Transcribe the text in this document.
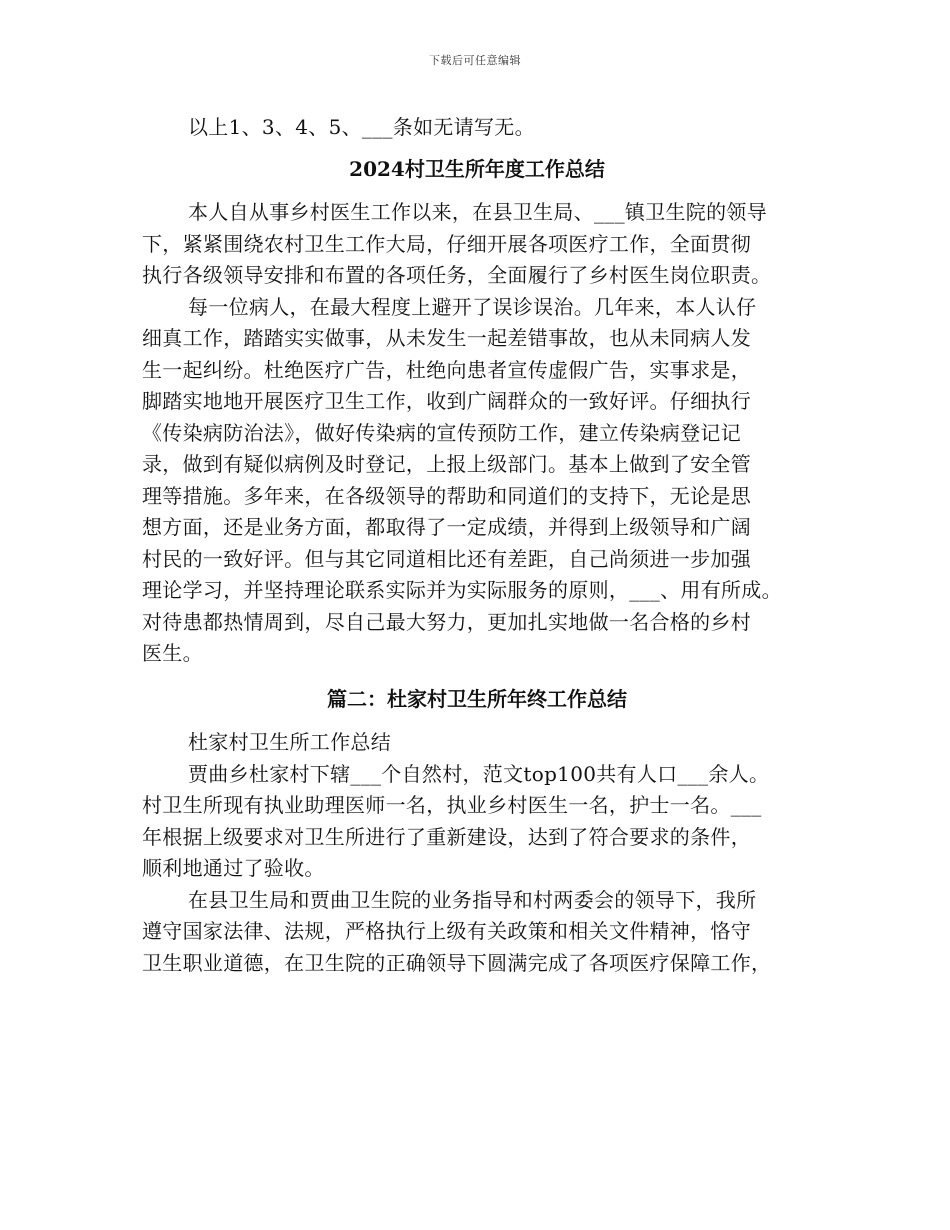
下载后可任意编辑
以上1、3、4、5、___条如无请写无。
2024村卫生所年度工作总结
本人自从事乡村医生工作以来，在县卫生局、___镇卫生院的领导
下，紧紧围绕农村卫生工作大局，仔细开展各项医疗工作，全面贯彻
执行各级领导安排和布置的各项任务，全面履行了乡村医生岗位职责。
每一位病人，在最大程度上避开了误诊误治。几年来，本人认仔
细真工作，踏踏实实做事，从未发生一起差错事故，也从未同病人发
生一起纠纷。杜绝医疗广告，杜绝向患者宣传虚假广告，实事求是，
脚踏实地地开展医疗卫生工作，收到广阔群众的一致好评。仔细执行
《传染病防治法》，做好传染病的宣传预防工作，建立传染病登记记
录，做到有疑似病例及时登记，上报上级部门。基本上做到了安全管
理等措施。多年来，在各级领导的帮助和同道们的支持下，无论是思
想方面，还是业务方面，都取得了一定成绩，并得到上级领导和广阔
村民的一致好评。但与其它同道相比还有差距，自己尚须进一步加强
理论学习，并坚持理论联系实际并为实际服务的原则，___、用有所成。
对待患都热情周到，尽自己最大努力，更加扎实地做一名合格的乡村
医生。
篇二：杜家村卫生所年终工作总结
杜家村卫生所工作总结
贾曲乡杜家村下辖___个自然村，范文top100共有人口___余人。
村卫生所现有执业助理医师一名，执业乡村医生一名，护士一名。___
年根据上级要求对卫生所进行了重新建设，达到了符合要求的条件，
顺利地通过了验收。
在县卫生局和贾曲卫生院的业务指导和村两委会的领导下，我所
遵守国家法律、法规，严格执行上级有关政策和相关文件精神，恪守
卫生职业道德，在卫生院的正确领导下圆满完成了各项医疗保障工作，
